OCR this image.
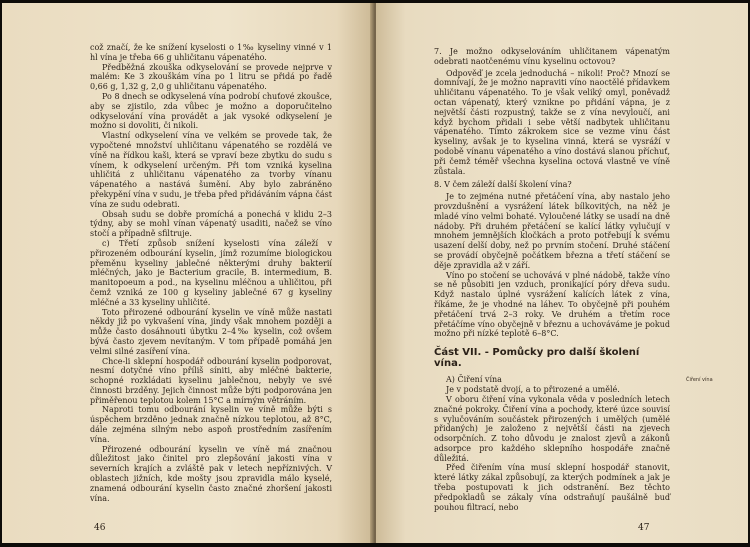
což značí, že ke snížení kyselosti o 1‰ kyseliny vinné v 1 hl vína je třeba 66 g uhličitanu vápenatého.

Předběžná zkouška odkyselování se provede nejprve v malém: Ke 3 zkouškám vína po 1 litru se přidá po řadě 0,66 g, 1,32 g, 2,0 g uhličitanu vápenatého.

Po 8 dnech se odkyselená vína podrobí chuťové zkoušce, aby se zjistilo, zda vůbec je možno a doporučitelno odkyselování vína provádět a jak vysoké odkyselení je možno si dovoliti, či nikoli.

Vlastní odkyselení vína ve velkém se provede tak, že vypočtené množství uhličitanu vápenatého se rozdělá ve víně na řídkou kaši, která se vpraví beze zbytku do sudu s vínem, k odkyselení určeným. Při tom vzniká kyselina uhličitá z uhličitanu vápenatého za tvorby vínanu vápenatého a nastává šumění. Aby bylo zabráněno překypění vína v sudu, je třeba před přidáváním vápna část vína ze sudu odebrati.

Obsah sudu se dobře promíchá a ponechá v klidu 2–3 týdny, aby se mohl vínan vápenatý usaditi, načež se víno stočí a případně sfiltruje.

c) Třetí způsob snížení kyselosti vína záleží v přirozeném odbourání kyselin, jímž rozumíme biologickou přeměnu kyseliny jablečné některými druhy bakterií mléčných, jako je Bacterium gracile, B. intermedium, B. manitopoeum a pod., na kyselinu mléčnou a uhličitou, při čemž vzniká ze 100 g kyseliny jablečné 67 g kyseliny mléčné a 33 kyseliny uhličité.

Toto přirozené odbourání kyselin ve víně může nastati někdy již po vykvašení vína, jindy však mnohem později a může často dosáhnouti úbytku 2–4‰ kyselin, což ovšem bývá často zjevem nevítaným. V tom případě pomáhá jen velmi silné zasíření vína.

Chce-li sklepní hospodář odbourání kyselin podporovat, nesmí dotyčné víno příliš síniti, aby mléčné bakterie, schopné rozkládati kyselinu jablečnou, nebyly ve své činnosti brzděny. Jejich činnost může býti podporována jen přiměřenou teplotou kolem 15°C a mírným větráním.

Naproti tomu odbourání kyselin ve víně může býti s úspěchem brzděno jednak značně nízkou teplotou, až 8°C, dále zejména silným nebo aspoň prostředním zasířením vína.

Přirozené odbourání kyselin ve víně má značnou důležitost jako činitel pro zlepšování jakosti vína v severních krajích a zvláště pak v letech nepříznivých. V oblastech jižních, kde mošty jsou zpravidla málo kyselé, znamená odbourání kyselin často značné zhoršení jakosti vína.

46

7. Je možno odkyselováním uhličitanem vápenatým odebrati naotčenému vínu kyselinu octovou?

Odpověď je zcela jednoduchá – nikoli! Proč? Mnozí se domnívají, že je možno napraviti víno naoctělé přídavkem uhličitanu vápenatého. To je však veliký omyl, poněvadž octan vápenatý, který vznikne po přidání vápna, je z největší části rozpustný, takže se z vína nevyloučí, ani když bychom přidali i sebe větší nadbytek uhličitanu vápenatého. Tímto zákrokem sice se vezme vínu část kyseliny, avšak je to kyselina vinná, která se vysráží v podobě vínanu vápenatého a víno dostává slanou příchuť, při čemž téměř všechna kyselina octová vlastně ve víně zůstala.

8. V čem záleží další školení vína?

Je to zejména nutné přetáčení vína, aby nastalo jeho provzdušnění a vysrážení látek bílkovitých, na něž je mladé víno velmi bohaté. Vyloučené látky se usadí na dně nádoby. Při druhém přetáčení se kalící látky vylučují v mnohem jemnějších kločkách a proto potřebují k svému usazení delší doby, než po prvním stočení. Druhé stáčení se provádí obyčejně počátkem března a třetí stáčení se děje zpravidla až v září.

Víno po stočení se uchovává v plné nádobě, takže víno se ně působiti jen vzduch, pronikající póry dřeva sudu. Když nastalo úplné vysrážení kalících látek z vína, říkáme, že je vhodné na láhev. To obyčejně při pouhém přetáčení trvá 2–3 roky. Ve druhém a třetím roce přetáčíme víno obyčejně v březnu a uchováváme je pokud možno při nízké teplotě 6–8°C.

Část VII. - Pomůcky pro další školení vína.
A) Čiření vína

Je v podstatě dvojí, a to přirozené a umělé.

V oboru čiření vína vykonala věda v posledních letech značné pokroky. Čiření vína a pochody, které úzce souvisí s vylučováním součástek přirozených i umělých (umělé přidaných) je založeno z největší části na zjevech odsorpčních. Z toho důvodu je znalost zjevů a zákonů adsorpce pro každého sklepního hospodáře značně důležitá.

Před čiřením vína musí sklepní hospodář stanovit, které látky zákal způsobují, za kterých podmínek a jak je třeba postupovati k jich odstranění. Bez těchto předpokladů se zákaly vína odstraňují paušálně buď pouhou filtrací, nebo

47
Čiření vína
